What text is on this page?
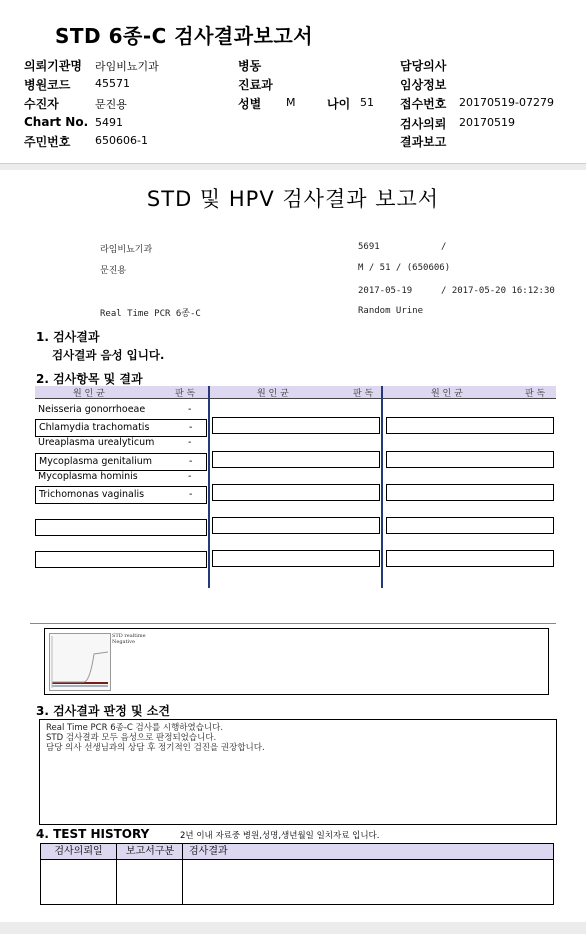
STD 6종-C 검사결과보고서
의뢰기관명 라임비뇨기과	병동	담당의사
병원코드 45571	진료과	임상정보
수진자	문진용	성별 M	나이 51 접수번호 20170519-07279
Chart No. 5491	검사의뢰 20170519
주민번호 650606-1	결과보고
STD 및 HPV 검사결과 보고서
라임비뇨기과	5691	/
문진용	M / 51 / (650606)
2017-05-19	/ 2017-05-20 16:12:30
Real Time PCR 6종-C	Random Urine
1. 검사결과
검사결과 음성 입니다.
2. 검사항목 및 결과
원 인 균	판 독	원 인 균	판 독	원 인 균	판 독
Neisseria gonorrhoeae	-
Chlamydia trachomatis	-
Ureaplasma urealyticum	-
Mycoplasma genitalium	-
Mycoplasma hominis	-
Trichomonas vaginalis	-
STD realtime
Negative
3. 검사결과 판정 및 소견
Real Time PCR 6종-C 검사를 시행하였습니다.
STD 검사결과 모두 음성으로 판정되었습니다.
담당 의사 선생님과의 상담 후 정기적인 검진을 권장합니다.
4. TEST HISTORY	2년 이내 자료중 병원,성명,생년월일 일치자료 입니다.
검사의뢰일	보고서구분	검사결과
